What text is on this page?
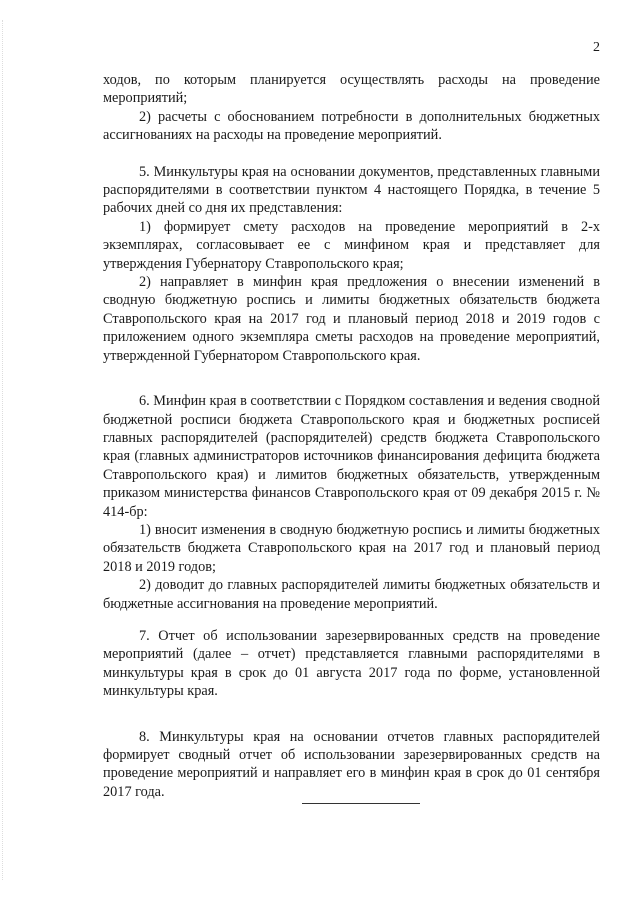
2

ходов, по которым планируется осуществлять расходы на проведение мероприятий;

2) расчеты с обоснованием потребности в дополнительных бюджетных ассигнованиях на расходы на проведение мероприятий.

5. Минкультуры края на основании документов, представленных главными распорядителями в соответствии пунктом 4 настоящего Порядка, в течение 5 рабочих дней со дня их представления:

1) формирует смету расходов на проведение мероприятий в 2-х экземплярах, согласовывает ее с минфином края и представляет для утверждения Губернатору Ставропольского края;

2) направляет в минфин края предложения о внесении изменений в сводную бюджетную роспись и лимиты бюджетных обязательств бюджета Ставропольского края на 2017 год и плановый период 2018 и 2019 годов с приложением одного экземпляра сметы расходов на проведение мероприятий, утвержденной Губернатором Ставропольского края.

6. Минфин края в соответствии с Порядком составления и ведения сводной бюджетной росписи бюджета Ставропольского края и бюджетных росписей главных распорядителей (распорядителей) средств бюджета Ставропольского края (главных администраторов источников финансирования дефицита бюджета Ставропольского края) и лимитов бюджетных обязательств, утвержденным приказом министерства финансов Ставропольского края от 09 декабря 2015 г. № 414-бр:

1) вносит изменения в сводную бюджетную роспись и лимиты бюджетных обязательств бюджета Ставропольского края на 2017 год и плановый период 2018 и 2019 годов;

2) доводит до главных распорядителей лимиты бюджетных обязательств и бюджетные ассигнования на проведение мероприятий.

7. Отчет об использовании зарезервированных средств на проведение мероприятий (далее – отчет) представляется главными распорядителями в минкультуры края в срок до 01 августа 2017 года по форме, установленной минкультуры края.

8. Минкультуры края на основании отчетов главных распорядителей формирует сводный отчет об использовании зарезервированных средств на проведение мероприятий и направляет его в минфин края в срок до 01 сентября 2017 года.
